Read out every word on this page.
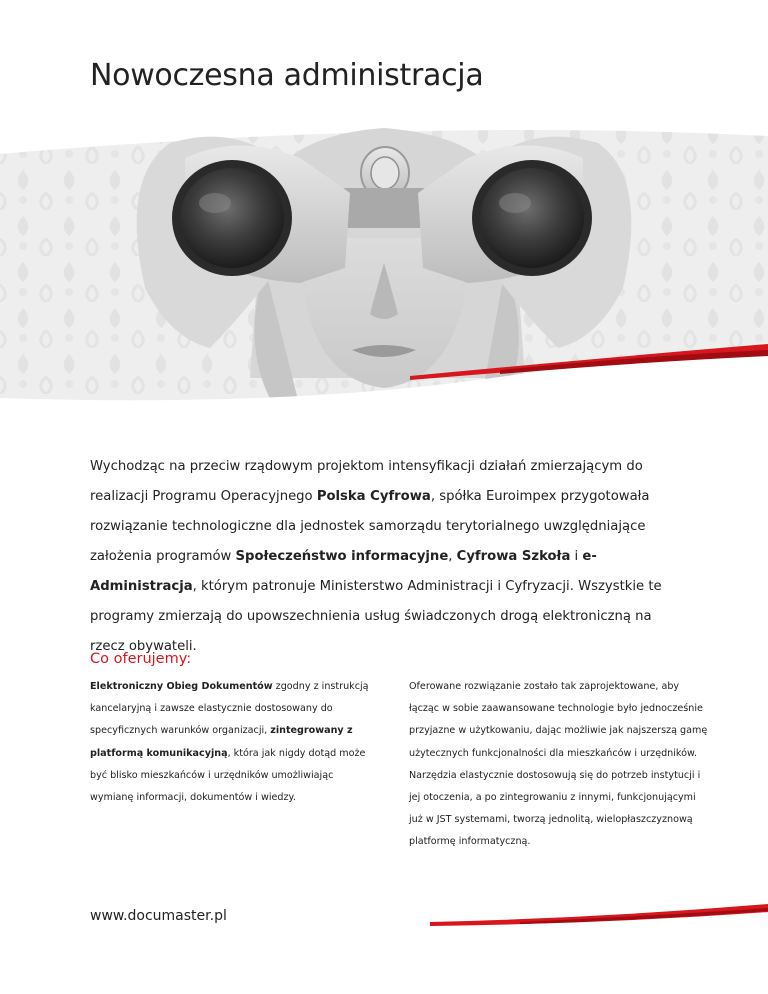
Nowoczesna administracja

Wychodząc na przeciw rządowym projektom intensyfikacji działań zmierzającym do realizacji Programu Operacyjnego Polska Cyfrowa, spółka Euroimpex przygotowała rozwiązanie technologiczne dla jednostek samorządu terytorialnego uwzględniające założenia programów Społeczeństwo informacyjne, Cyfrowa Szkoła i e-Administracja, którym patronuje Ministerstwo Administracji i Cyfryzacji. Wszystkie te programy zmierzają do upowszechnienia usług świadczonych drogą elektroniczną na rzecz obywateli.

Co oferujemy:

Elektroniczny Obieg Dokumentów zgodny z instrukcją kancelaryjną i zawsze elastycznie dostosowany do specyficznych warunków organizacji, zintegrowany z platformą komunikacyjną, która jak nigdy dotąd może być blisko mieszkańców i urzędników umożliwiając wymianę informacji, dokumentów i wiedzy.

Oferowane rozwiązanie zostało tak zaprojektowane, aby łącząc w sobie zaawansowane technologie było jednocześnie przyjazne w użytkowaniu, dając możliwie jak najszerszą gamę użytecznych funkcjonalności dla mieszkańców i urzędników. Narzędzia elastycznie dostosowują się do potrzeb instytucji i jej otoczenia, a po zintegrowaniu z innymi, funkcjonującymi już w JST systemami, tworzą jednolitą, wielopłaszczyznową platformę informatyczną.

www.documaster.pl
